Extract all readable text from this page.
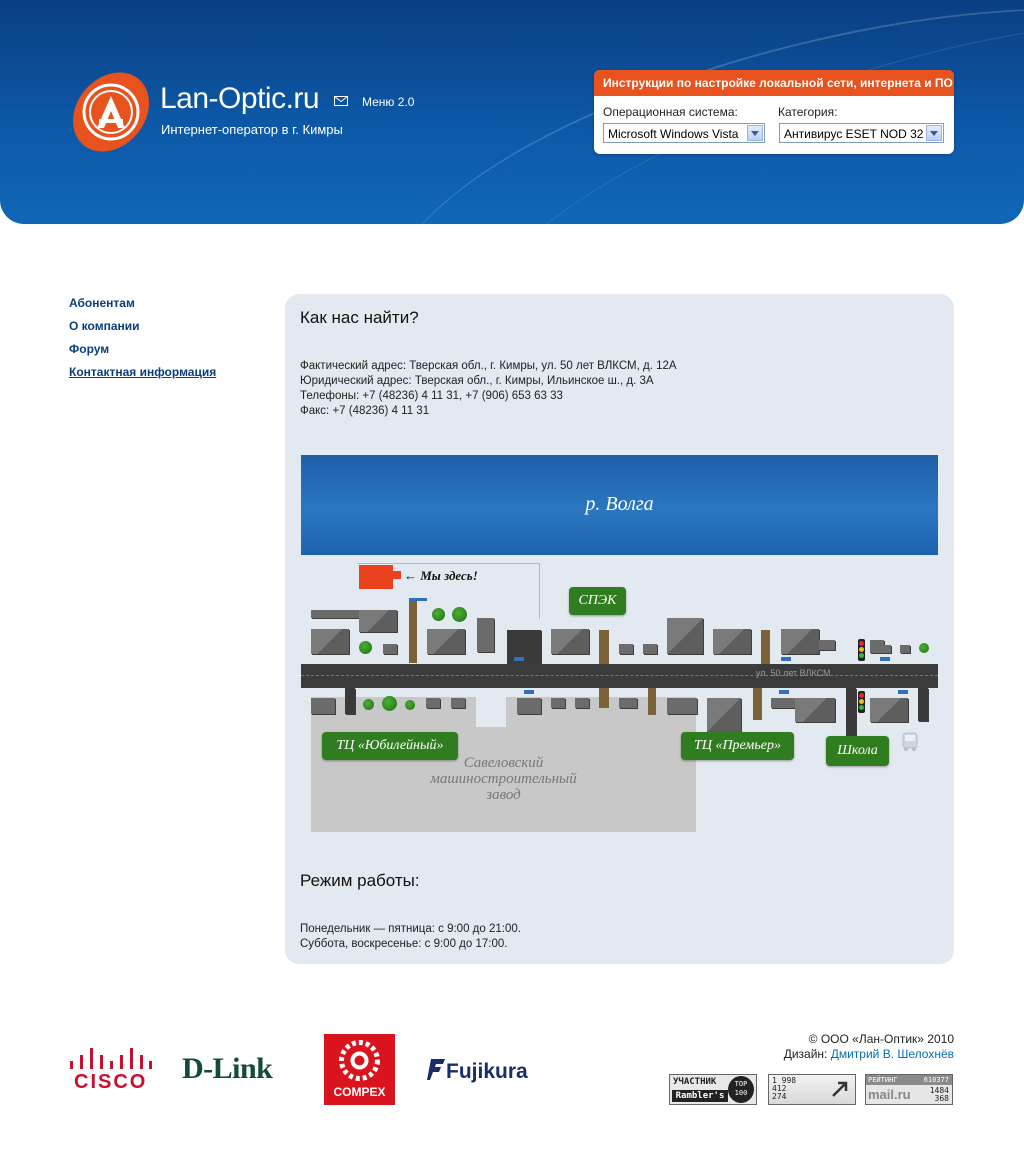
Lan-Optic.ru
Интернет-оператор в г. Кимры
Меню 2.0
Инструкции по настройке локальной сети, интернета и ПО
Операционная система:	Категория:
Microsoft Windows Vista	Антивирус ESET NOD 32
Абонентам
О компании
Форум
Контактная информация
Как нас найти?
Фактический адрес: Тверская обл., г. Кимры, ул. 50 лет ВЛКСМ, д. 12А
Юридический адрес: Тверская обл., г. Кимры, Ильинское ш., д. 3А
Телефоны: +7 (48236) 4 11 31, +7 (906) 653 63 33
Факс: +7 (48236) 4 11 31
р. Волга
Савеловский
машиностроительный
завод
ул. 50 лет ВЛКСМ
← Мы здесь!
СПЭК
ТЦ «Юбилейный»	ТЦ «Премьер»	Школа
Режим работы:
Понедельник — пятница: с 9:00 до 21:00.
Суббота, воскресенье: с 9:00 до 17:00.
CISCO D-Link
COMPEX
Fujikura
© ООО «Лан-Оптик» 2010
Дизайн: Дмитрий В. Шелохнёв
УЧАСТНИК
Rambler's
TOP 100
1 998
412
274
РЕЙТИНГ	610377
mail.ru 1484
368
